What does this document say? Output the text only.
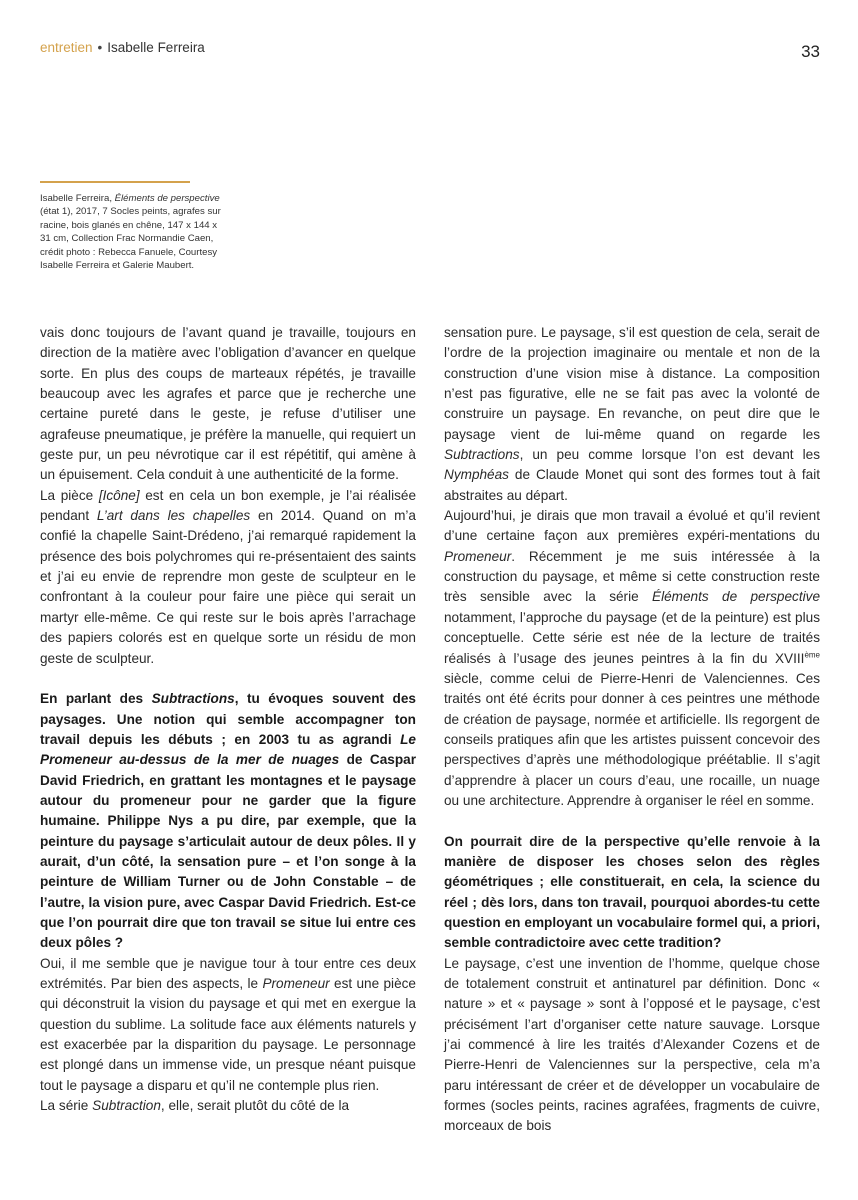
entretien • Isabelle Ferreira	33
Isabelle Ferreira, Éléments de perspective (état 1), 2017, 7 Socles peints, agrafes sur racine, bois glanés en chêne, 147 x 144 x 31 cm, Collection Frac Normandie Caen, crédit photo : Rebecca Fanuele, Courtesy Isabelle Ferreira et Galerie Maubert.

vais donc toujours de l’avant quand je travaille, toujours en direction de la matière avec l’obligation d’avancer en quelque sorte. En plus des coups de marteaux répétés, je travaille beaucoup avec les agrafes et parce que je recherche une certaine pureté dans le geste, je refuse d’utiliser une agrafeuse pneumatique, je préfère la manuelle, qui requiert un geste pur, un peu névrotique car il est répétitif, qui amène à un épuisement. Cela conduit à une authenticité de la forme.

La pièce [Icône] est en cela un bon exemple, je l’ai réalisée pendant L’art dans les chapelles en 2014. Quand on m’a confié la chapelle Saint-Drédeno, j’ai remarqué rapidement la présence des bois polychromes qui re-présentaient des saints et j’ai eu envie de reprendre mon geste de sculpteur en le confrontant à la couleur pour faire une pièce qui serait un martyr elle-même. Ce qui reste sur le bois après l’arrachage des papiers colorés est en quelque sorte un résidu de mon geste de sculpteur.

En parlant des Subtractions, tu évoques souvent des paysages. Une notion qui semble accompagner ton travail depuis les débuts ; en 2003 tu as agrandi Le Promeneur au-dessus de la mer de nuages de Caspar David Friedrich, en grattant les montagnes et le paysage autour du promeneur pour ne garder que la figure humaine. Philippe Nys a pu dire, par exemple, que la peinture du paysage s’articulait autour de deux pôles. Il y aurait, d’un côté, la sensation pure – et l’on songe à la peinture de William Turner ou de John Constable – de l’autre, la vision pure, avec Caspar David Friedrich. Est-ce que l’on pourrait dire que ton travail se situe lui entre ces deux pôles ?

Oui, il me semble que je navigue tour à tour entre ces deux extrémités. Par bien des aspects, le Promeneur est une pièce qui déconstruit la vision du paysage et qui met en exergue la question du sublime. La solitude face aux éléments naturels y est exacerbée par la disparition du paysage. Le personnage est plongé dans un immense vide, un presque néant puisque tout le paysage a disparu et qu’il ne contemple plus rien.

La série Subtraction, elle, serait plutôt du côté de la

sensation pure. Le paysage, s’il est question de cela, serait de l’ordre de la projection imaginaire ou mentale et non de la construction d’une vision mise à distance. La composition n’est pas figurative, elle ne se fait pas avec la volonté de construire un paysage. En revanche, on peut dire que le paysage vient de lui-même quand on regarde les Subtractions, un peu comme lorsque l’on est devant les Nymphéas de Claude Monet qui sont des formes tout à fait abstraites au départ.

Aujourd’hui, je dirais que mon travail a évolué et qu’il revient d’une certaine façon aux premières expéri-mentations du Promeneur. Récemment je me suis intéressée à la construction du paysage, et même si cette construction reste très sensible avec la série Éléments de perspective notamment, l’approche du paysage (et de la peinture) est plus conceptuelle. Cette série est née de la lecture de traités réalisés à l’usage des jeunes peintres à la fin du XVIIIème siècle, comme celui de Pierre-Henri de Valenciennes. Ces traités ont été écrits pour donner à ces peintres une méthode de création de paysage, normée et artificielle. Ils regorgent de conseils pratiques afin que les artistes puissent concevoir des perspectives d’après une méthodologique préétablie. Il s’agit d’apprendre à placer un cours d’eau, une rocaille, un nuage ou une architecture. Apprendre à organiser le réel en somme.

On pourrait dire de la perspective qu’elle renvoie à la manière de disposer les choses selon des règles géométriques ; elle constituerait, en cela, la science du réel ; dès lors, dans ton travail, pourquoi abordes-tu cette question en employant un vocabulaire formel qui, a priori, semble contradictoire avec cette tradition?

Le paysage, c’est une invention de l’homme, quelque chose de totalement construit et antinaturel par définition. Donc « nature » et « paysage » sont à l’opposé et le paysage, c’est précisément l’art d’organiser cette nature sauvage. Lorsque j’ai commencé à lire les traités d’Alexander Cozens et de Pierre-Henri de Valenciennes sur la perspective, cela m’a paru intéressant de créer et de développer un vocabulaire de formes (socles peints, racines agrafées, fragments de cuivre, morceaux de bois
